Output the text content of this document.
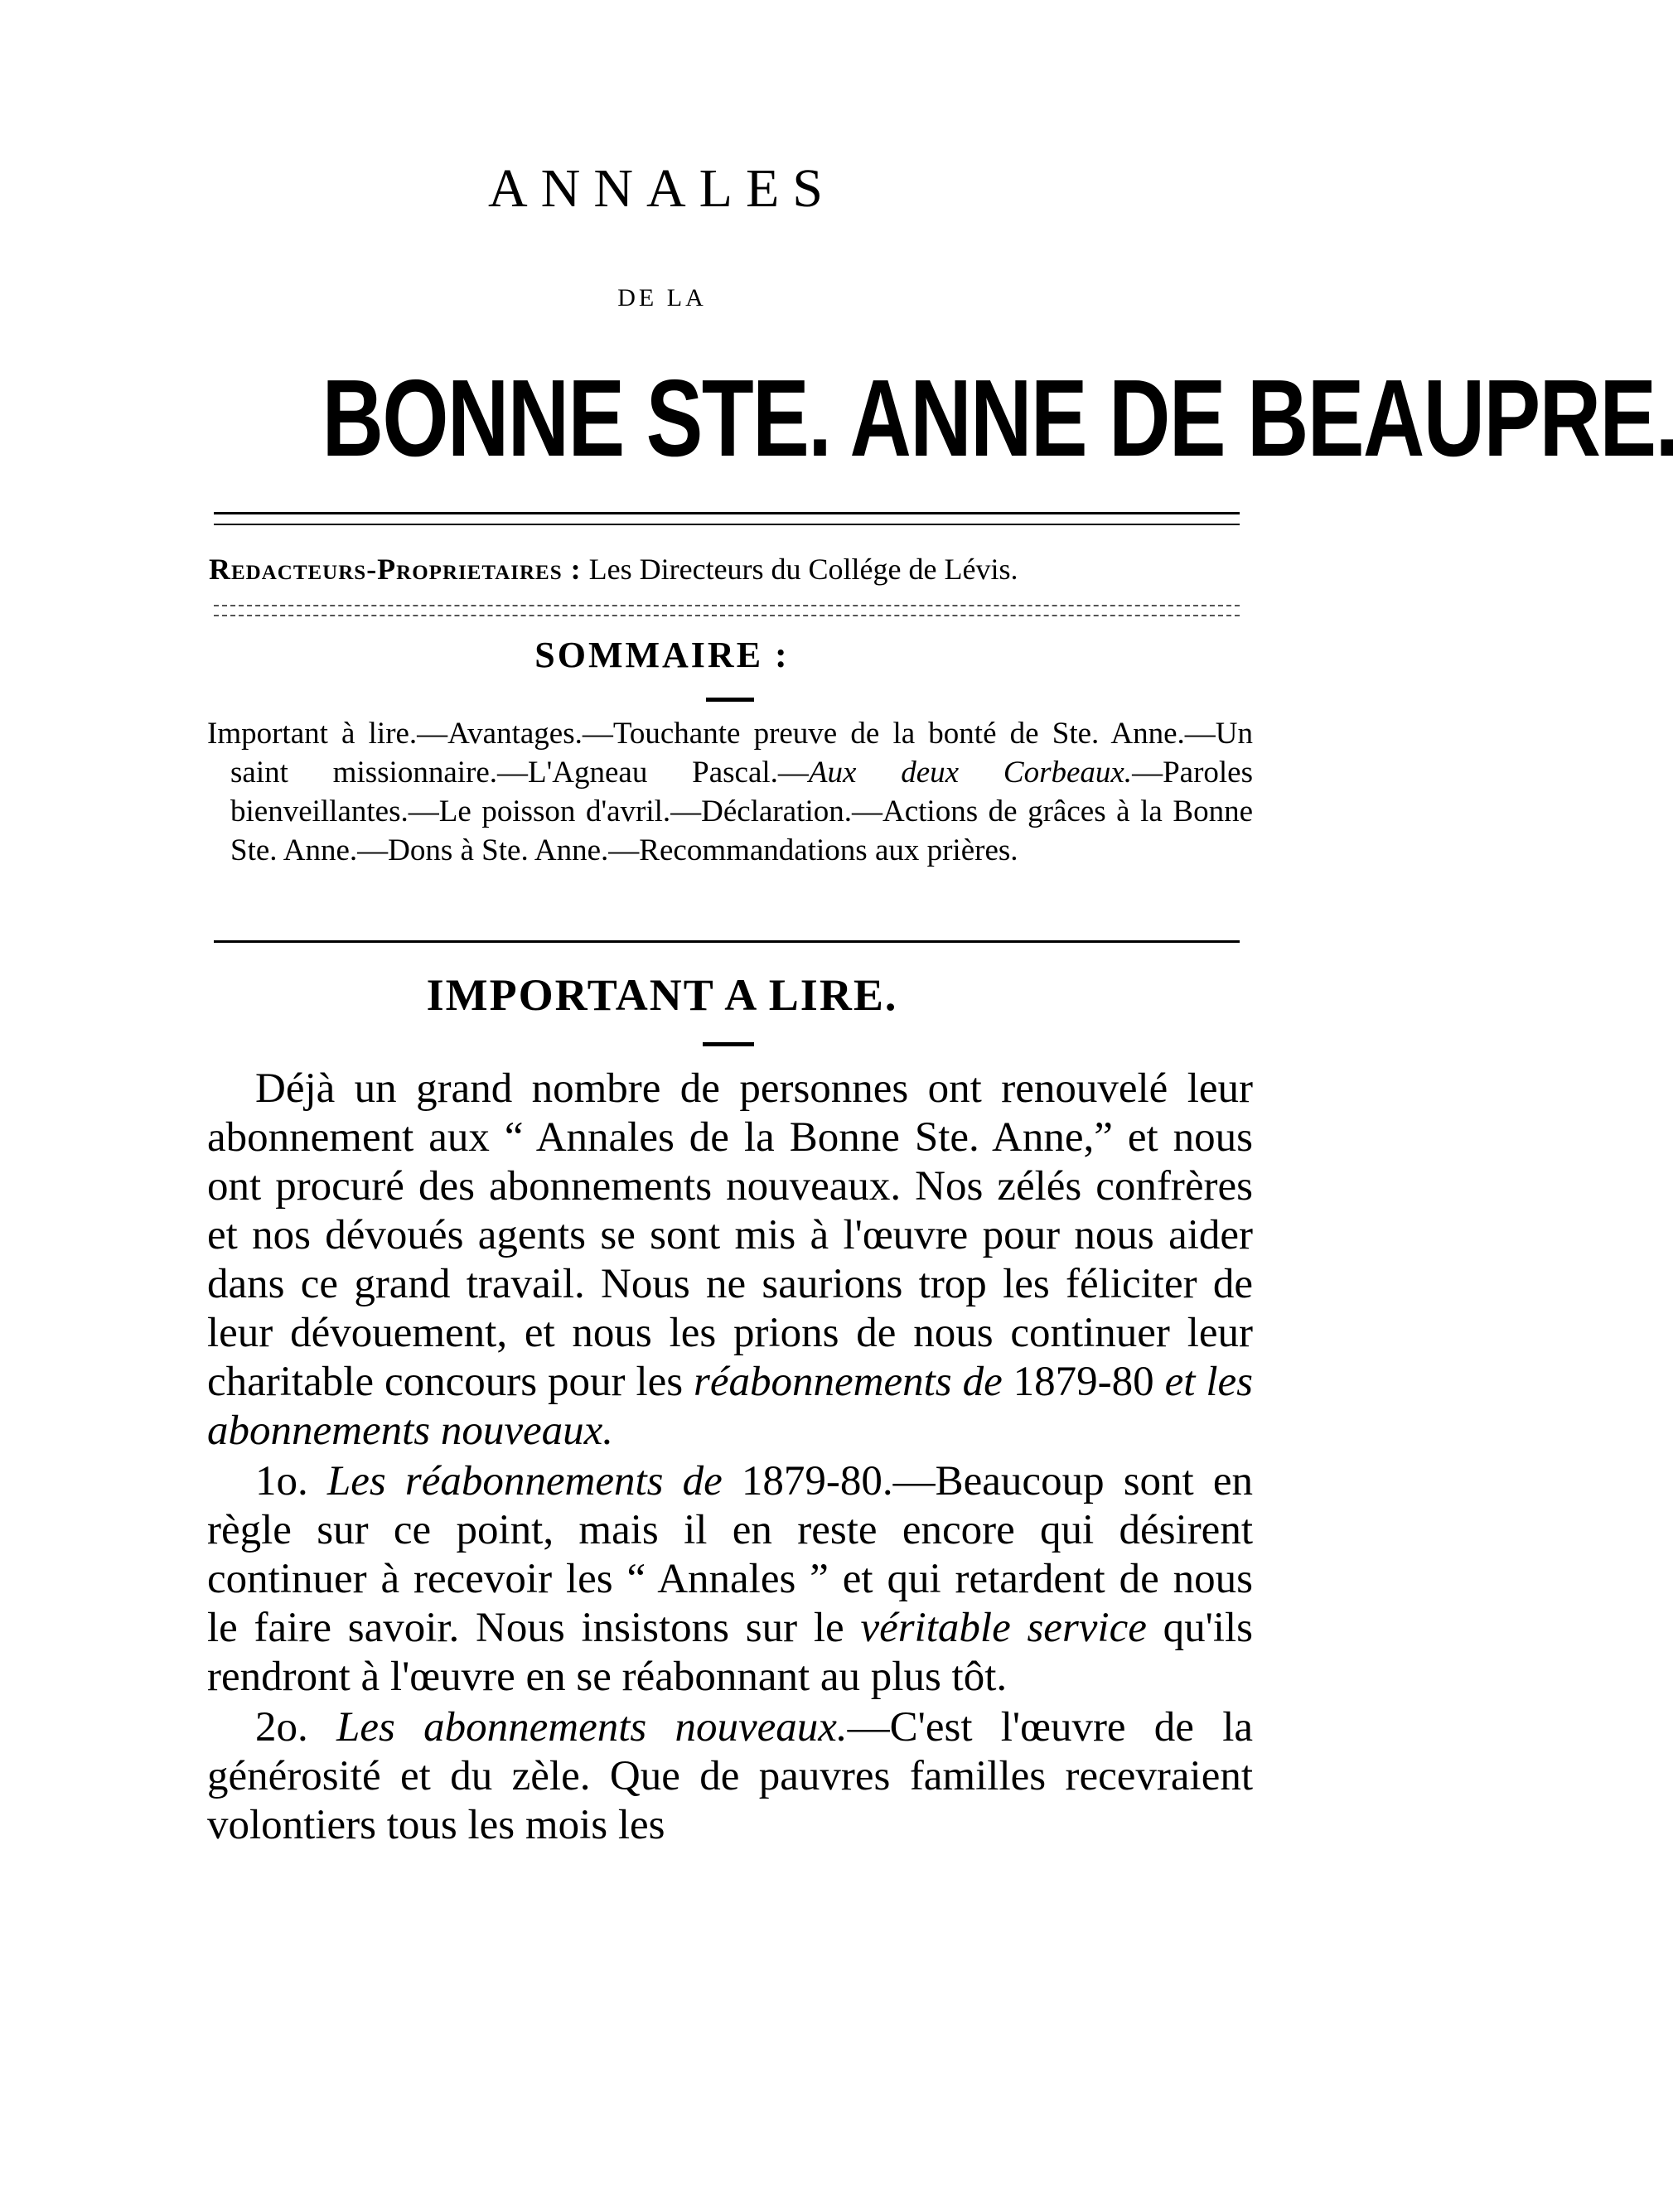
ANNALES
DE LA
BONNE STE. ANNE DE BEAUPRE.
Redacteurs-Proprietaires : Les Directeurs du Collége de Lévis.
SOMMAIRE :

Important à lire.—Avantages.—Touchante preuve de la bonté de Ste. Anne.—Un saint missionnaire.—L'Agneau Pascal.—Aux deux Corbeaux.—Paroles bienveillantes.—Le poisson d'avril.—Déclaration.—Actions de grâces à la Bonne Ste. Anne.—Dons à Ste. Anne.—Recommandations aux prières.

IMPORTANT A LIRE.

Déjà un grand nombre de personnes ont renouvelé leur abonnement aux “ Annales de la Bonne Ste. Anne,” et nous ont procuré des abonnements nouveaux. Nos zélés confrères et nos dévoués agents se sont mis à l'œuvre pour nous aider dans ce grand travail. Nous ne saurions trop les féliciter de leur dévouement, et nous les prions de nous continuer leur charitable concours pour les réabonnements de 1879-80 et les abonnements nouveaux.

1o. Les réabonnements de 1879-80.—Beaucoup sont en règle sur ce point, mais il en reste encore qui désirent continuer à recevoir les “ Annales ” et qui retardent de nous le faire savoir. Nous insistons sur le véritable service qu'ils rendront à l'œuvre en se réabonnant au plus tôt.

2o. Les abonnements nouveaux.—C'est l'œuvre de la générosité et du zèle. Que de pauvres familles recevraient volontiers tous les mois les
